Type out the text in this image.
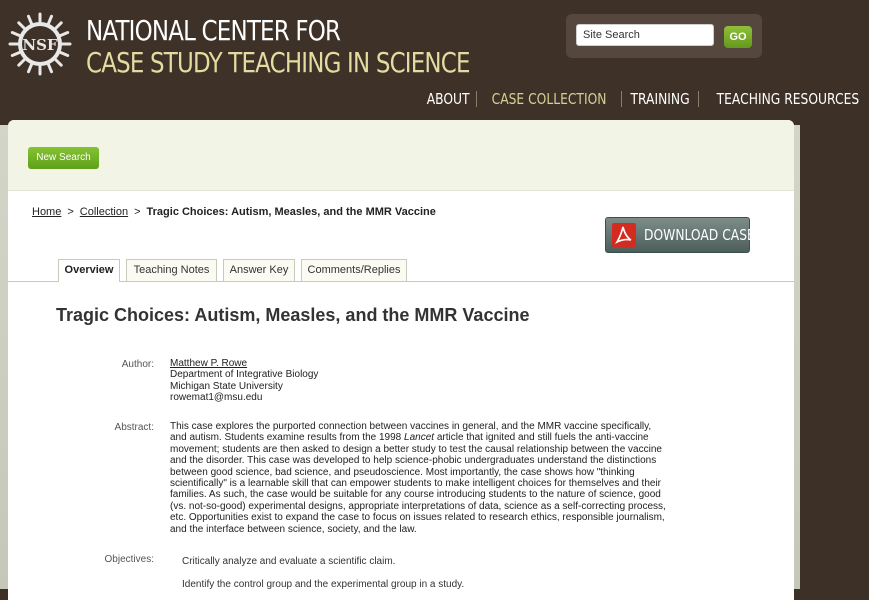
NSF NATIONAL CENTER FOR
CASE STUDY TEACHING IN SCIENCE
Site Search
GO
ABOUT CASE COLLECTION TRAINING TEACHING RESOURCES
New Search
Home > Collection > Tragic Choices: Autism, Measles, and the MMR Vaccine
DOWNLOAD CASE
Overview	Teaching Notes	Answer Key	Comments/Replies
Tragic Choices: Autism, Measles, and the MMR Vaccine
Author: Matthew P. Rowe
Department of Integrative Biology
Michigan State University
rowemat1@msu.edu
Abstract: This case explores the purported connection between vaccines in general, and the MMR vaccine specifically,
and autism. Students examine results from the 1998 Lancet article that ignited and still fuels the anti-vaccine
movement; students are then asked to design a better study to test the causal relationship between the vaccine
and the disorder. This case was developed to help science-phobic undergraduates understand the distinctions
between good science, bad science, and pseudoscience. Most importantly, the case shows how "thinking
scientifically" is a learnable skill that can empower students to make intelligent choices for themselves and their
families. As such, the case would be suitable for any course introducing students to the nature of science, good
(vs. not-so-good) experimental designs, appropriate interpretations of data, science as a self-correcting process,
etc. Opportunities exist to expand the case to focus on issues related to research ethics, responsible journalism,
and the interface between science, society, and the law.
Objectives:	Critically analyze and evaluate a scientific claim.
Identify the control group and the experimental group in a study.
